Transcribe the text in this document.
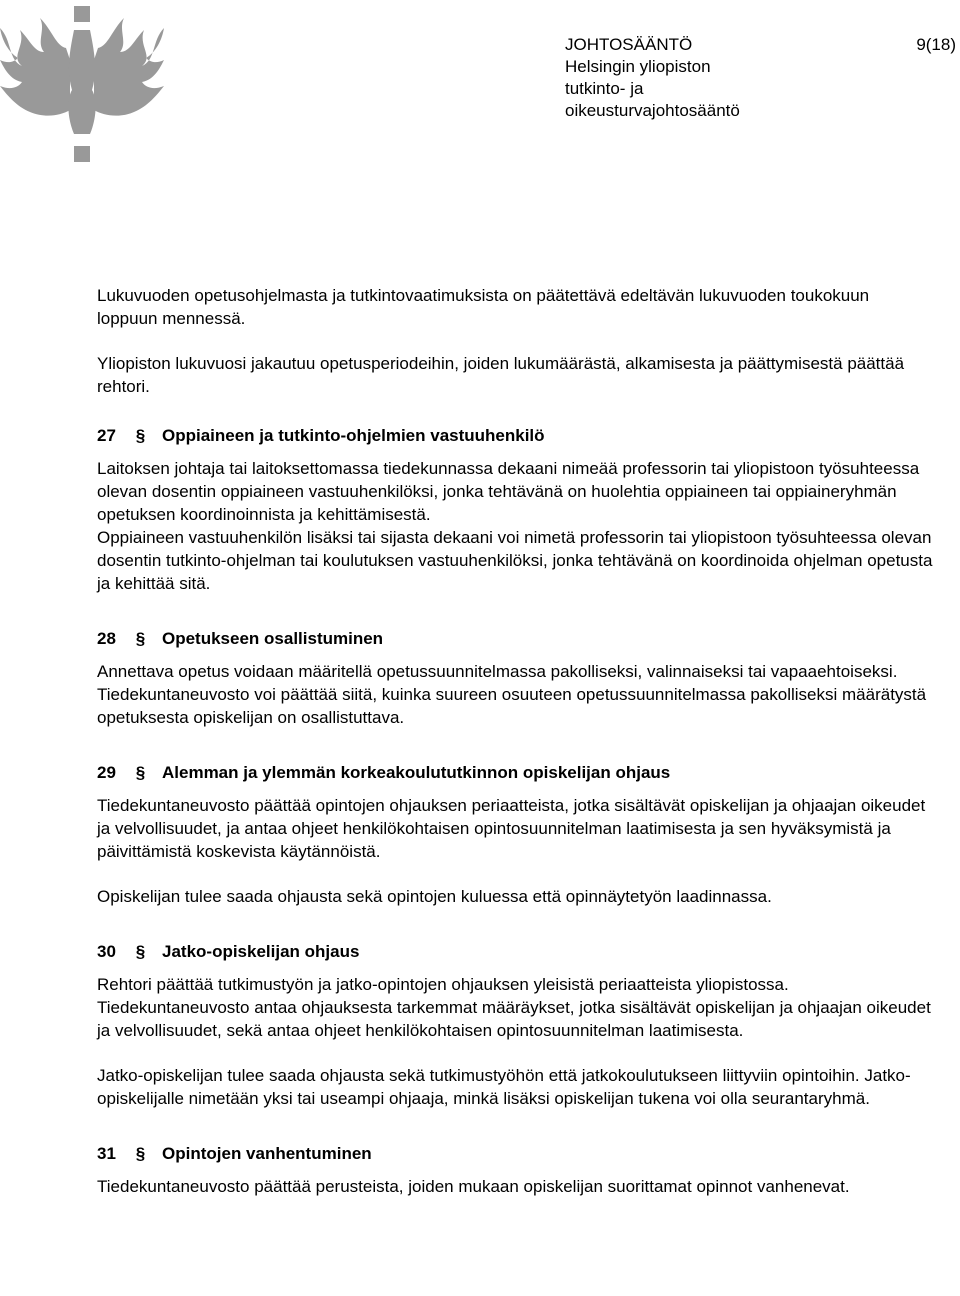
JOHTOSÄÄNTÖ
Helsingin yliopiston
tutkinto- ja
oikeusturvajohtosääntö
9(18)

Lukuvuoden opetusohjelmasta ja tutkintovaatimuksista on päätettävä edeltävän lukuvuoden toukokuun loppuun mennessä.

Yliopiston lukuvuosi jakautuu opetusperiodeihin, joiden lukumäärästä, alkamisesta ja päättymisestä päättää rehtori.

27	§ Oppiaineen ja tutkinto-ohjelmien vastuuhenkilö

Laitoksen johtaja tai laitoksettomassa tiedekunnassa dekaani nimeää professorin tai yliopistoon työsuhteessa olevan dosentin oppiaineen vastuuhenkilöksi, jonka tehtävänä on huolehtia oppiaineen tai oppiaineryhmän opetuksen koordinoinnista ja kehittämisestä.

Oppiaineen vastuuhenkilön lisäksi tai sijasta dekaani voi nimetä professorin tai yliopistoon työsuhteessa olevan dosentin tutkinto-ohjelman tai koulutuksen vastuuhenkilöksi, jonka tehtävänä on koordinoida ohjelman opetusta ja kehittää sitä.

28	§ Opetukseen osallistuminen

Annettava opetus voidaan määritellä opetussuunnitelmassa pakolliseksi, valinnaiseksi tai vapaaehtoiseksi. Tiedekuntaneuvosto voi päättää siitä, kuinka suureen osuuteen opetussuunnitelmassa pakolliseksi määrätystä opetuksesta opiskelijan on osallistuttava.

29	§ Alemman ja ylemmän korkeakoulututkinnon opiskelijan ohjaus

Tiedekuntaneuvosto päättää opintojen ohjauksen periaatteista, jotka sisältävät opiskelijan ja ohjaajan oikeudet ja velvollisuudet, ja antaa ohjeet henkilökohtaisen opintosuunnitelman laatimisesta ja sen hyväksymistä ja päivittämistä koskevista käytännöistä.

Opiskelijan tulee saada ohjausta sekä opintojen kuluessa että opinnäytetyön laadinnassa.

30	§ Jatko-opiskelijan ohjaus

Rehtori päättää tutkimustyön ja jatko-opintojen ohjauksen yleisistä periaatteista yliopistossa.

Tiedekuntaneuvosto antaa ohjauksesta tarkemmat määräykset, jotka sisältävät opiskelijan ja ohjaajan oikeudet ja velvollisuudet, sekä antaa ohjeet henkilökohtaisen opintosuunnitelman laatimisesta.

Jatko-opiskelijan tulee saada ohjausta sekä tutkimustyöhön että jatkokoulutukseen liittyviin opintoihin. Jatko-opiskelijalle nimetään yksi tai useampi ohjaaja, minkä lisäksi opiskelijan tukena voi olla seurantaryhmä.

31	§ Opintojen vanhentuminen

Tiedekuntaneuvosto päättää perusteista, joiden mukaan opiskelijan suorittamat opinnot vanhenevat.
